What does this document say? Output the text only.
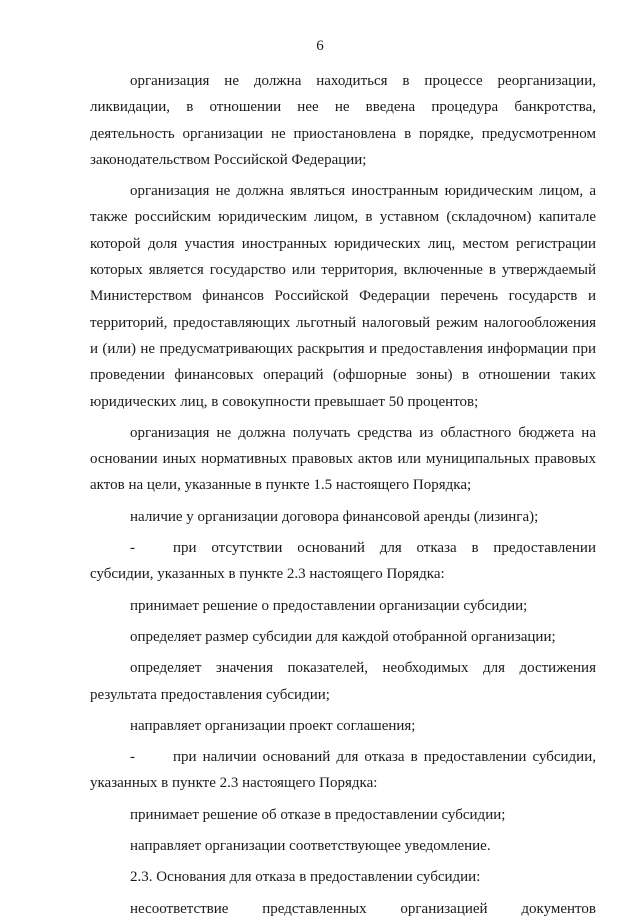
6

организация не должна находиться в процессе реорганизации, ликвидации, в отношении нее не введена процедура банкротства, деятельность организации не приостановлена в порядке, предусмотренном законодательством Российской Федерации;

организация не должна являться иностранным юридическим лицом, а также российским юридическим лицом, в уставном (складочном) капитале которой доля участия иностранных юридических лиц, местом регистрации которых является государство или территория, включенные в утверждаемый Министерством финансов Российской Федерации перечень государств и территорий, предоставляющих льготный налоговый режим налогообложения и (или) не предусматривающих раскрытия и предоставления информации при проведении финансовых операций (офшорные зоны) в отношении таких юридических лиц, в совокупности превышает 50 процентов;

организация не должна получать средства из областного бюджета на основании иных нормативных правовых актов или муниципальных правовых актов на цели, указанные в пункте 1.5 настоящего Порядка;

наличие у организации договора финансовой аренды (лизинга);

-	при отсутствии оснований для отказа в предоставлении субсидии, указанных в пункте 2.3 настоящего Порядка:

принимает решение о предоставлении организации субсидии;

определяет размер субсидии для каждой отобранной организации;

определяет значения показателей, необходимых для достижения результата предоставления субсидии;

направляет организации проект соглашения;

-	при наличии оснований для отказа в предоставлении субсидии, указанных в пункте 2.3 настоящего Порядка:

принимает решение об отказе в предоставлении субсидии;

направляет организации соответствующее уведомление.

2.3. Основания для отказа в предоставлении субсидии:

несоответствие представленных организацией документов
